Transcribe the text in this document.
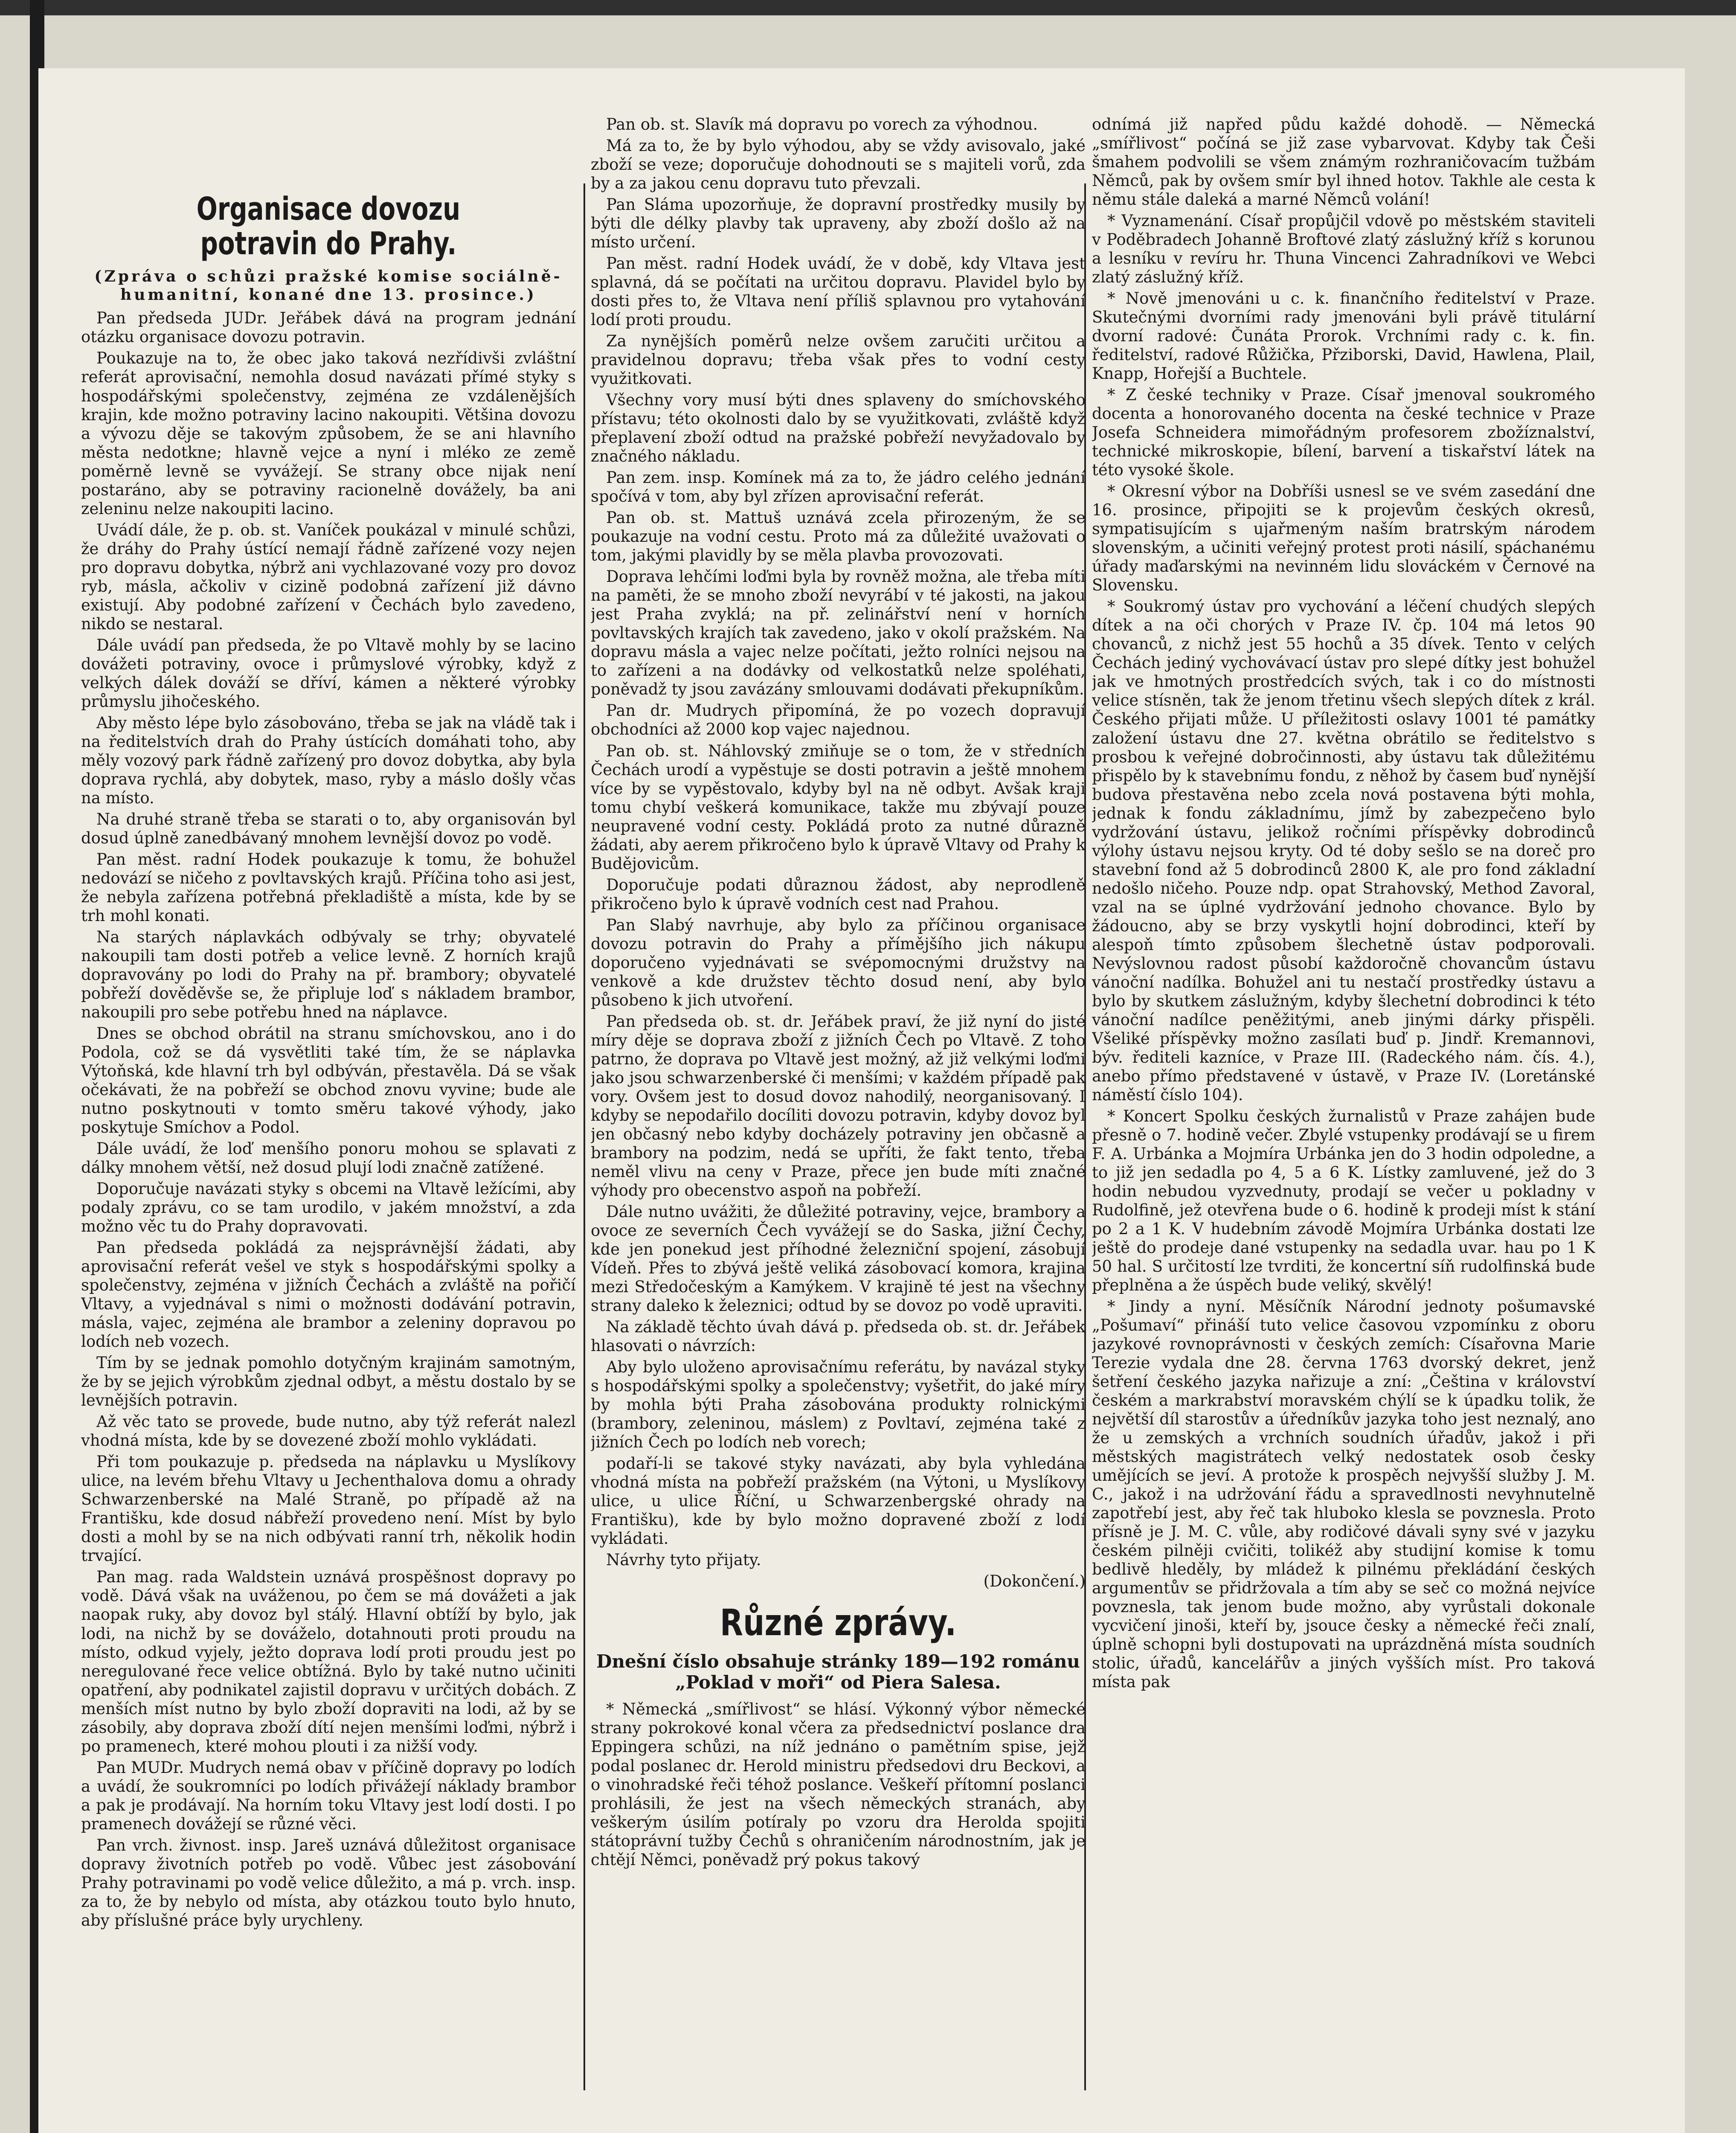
Organisace dovozu potravin do Prahy.
(Zpráva o schůzi pražské komise sociálně-humanitní, konané dne 13. prosince.)

Pan předseda JUDr. Jeřábek dává na program jednání otázku organisace dovozu potravin.

Poukazuje na to, že obec jako taková nezřídivši zvláštní referát aprovisační, nemohla dosud navázati přímé styky s hospodářskými společenstvy, zejména ze vzdálenějších krajin, kde možno potraviny lacino nakoupiti. Většina dovozu a vývozu děje se takovým způsobem, že se ani hlavního města nedotkne; hlavně vejce a nyní i mléko ze země poměrně levně se vyvážejí. Se strany obce nijak není postaráno, aby se potraviny racionelně dovážely, ba ani zeleninu nelze nakoupiti lacino.

Uvádí dále, že p. ob. st. Vaníček poukázal v minulé schůzi, že dráhy do Prahy ústící nemají řádně zařízené vozy nejen pro dopravu dobytka, nýbrž ani vychlazované vozy pro dovoz ryb, másla, ačkoliv v cizině podobná zařízení již dávno existují. Aby podobné zařízení v Čechách bylo zavedeno, nikdo se nestaral.

Dále uvádí pan předseda, že po Vltavě mohly by se lacino dovážeti potraviny, ovoce i průmyslové výrobky, když z velkých dálek dováží se dříví, kámen a některé výrobky průmyslu jihočeského.

Aby město lépe bylo zásobováno, třeba se jak na vládě tak i na ředitelstvích drah do Prahy ústících domáhati toho, aby měly vozový park řádně zařízený pro dovoz dobytka, aby byla doprava rychlá, aby dobytek, maso, ryby a máslo došly včas na místo.

Na druhé straně třeba se starati o to, aby organisován byl dosud úplně zanedbávaný mnohem levnější dovoz po vodě.

Pan měst. radní Hodek poukazuje k tomu, že bohužel nedovází se ničeho z povltavských krajů. Příčina toho asi jest, že nebyla zařízena potřebná překladiště a místa, kde by se trh mohl konati.

Na starých náplavkách odbývaly se trhy; obyvatelé nakoupili tam dosti potřeb a velice levně. Z horních krajů dopravovány po lodi do Prahy na př. brambory; obyvatelé pobřeží dověděvše se, že připluje loď s nákladem brambor, nakoupili pro sebe potřebu hned na náplavce.

Dnes se obchod obrátil na stranu smíchovskou, ano i do Podola, což se dá vysvětliti také tím, že se náplavka Výtoňská, kde hlavní trh byl odbýván, přestavěla. Dá se však očekávati, že na pobřeží se obchod znovu vyvine; bude ale nutno poskytnouti v tomto směru takové výhody, jako poskytuje Smíchov a Podol.

Dále uvádí, že loď menšího ponoru mohou se splavati z dálky mnohem větší, než dosud plují lodi značně zatížené.

Doporučuje navázati styky s obcemi na Vltavě ležícími, aby podaly zprávu, co se tam urodilo, v jakém množství, a zda možno věc tu do Prahy dopravovati.

Pan předseda pokládá za nejsprávnější žádati, aby aprovisační referát vešel ve styk s hospodářskými spolky a společenstvy, zejména v jižních Čechách a zvláště na pořičí Vltavy, a vyjednával s nimi o možnosti dodávání potravin, másla, vajec, zejména ale brambor a zeleniny dopravou po lodích neb vozech.

Tím by se jednak pomohlo dotyčným krajinám samotným, že by se jejich výrobkům zjednal odbyt, a městu dostalo by se levnějších potravin.

Až věc tato se provede, bude nutno, aby týž referát nalezl vhodná místa, kde by se dovezené zboží mohlo vykládati.

Při tom poukazuje p. předseda na náplavku u Myslíkovy ulice, na levém břehu Vltavy u Jechenthalova domu a ohrady Schwarzenberské na Malé Straně, po případě až na Františku, kde dosud nábřeží provedeno není. Míst by bylo dosti a mohl by se na nich odbývati ranní trh, několik hodin trvající.

Pan mag. rada Waldstein uznává prospěšnost dopravy po vodě. Dává však na uváženou, po čem se má dovážeti a jak naopak ruky, aby dovoz byl stálý. Hlavní obtíží by bylo, jak lodi, na nichž by se dováželo, dotahnouti proti proudu na místo, odkud vyjely, ježto doprava lodí proti proudu jest po neregulované řece velice obtížná. Bylo by také nutno učiniti opatření, aby podnikatel zajistil dopravu v určitých dobách. Z menších míst nutno by bylo zboží dopraviti na lodi, až by se zásobily, aby doprava zboží dítí nejen menšími loďmi, nýbrž i po pramenech, které mohou plouti i za nižší vody.

Pan MUDr. Mudrych nemá obav v příčině dopravy po lodích a uvádí, že soukromníci po lodích přivážejí náklady brambor a pak je prodávají. Na horním toku Vltavy jest lodí dosti. I po pramenech dovážejí se různé věci.

Pan vrch. živnost. insp. Jareš uznává důležitost organisace dopravy životních potřeb po vodě. Vůbec jest zásobování Prahy potravinami po vodě velice důležito, a má p. vrch. insp. za to, že by nebylo od místa, aby otázkou touto bylo hnuto, aby příslušné práce byly urychleny.

Pan ob. st. Slavík má dopravu po vorech za výhodnou.

Má za to, že by bylo výhodou, aby se vždy avisovalo, jaké zboží se veze; doporučuje dohodnouti se s majiteli vorů, zda by a za jakou cenu dopravu tuto převzali.

Pan Sláma upozorňuje, že dopravní prostředky musily by býti dle délky plavby tak upraveny, aby zboží došlo až na místo určení.

Pan měst. radní Hodek uvádí, že v době, kdy Vltava jest splavná, dá se počítati na určitou dopravu. Plavidel bylo by dosti přes to, že Vltava není příliš splavnou pro vytahování lodí proti proudu.

Za nynějších poměrů nelze ovšem zaručiti určitou a pravidelnou dopravu; třeba však přes to vodní cesty využitkovati.

Všechny vory musí býti dnes splaveny do smíchovského přístavu; této okolnosti dalo by se využitkovati, zvláště když přeplavení zboží odtud na pražské pobřeží nevyžadovalo by značného nákladu.

Pan zem. insp. Komínek má za to, že jádro celého jednání spočívá v tom, aby byl zřízen aprovisační referát.

Pan ob. st. Mattuš uznává zcela přirozeným, že se poukazuje na vodní cestu. Proto má za důležité uvažovati o tom, jakými plavidly by se měla plavba provozovati.

Doprava lehčími loďmi byla by rovněž možna, ale třeba míti na paměti, že se mnoho zboží nevyrábí v té jakosti, na jakou jest Praha zvyklá; na př. zelinářství není v horních povltavských krajích tak zavedeno, jako v okolí pražském. Na dopravu másla a vajec nelze počítati, ježto rolníci nejsou na to zařízeni a na dodávky od velkostatků nelze spoléhati, poněvadž ty jsou zavázány smlouvami dodávati překupníkům.

Pan dr. Mudrych připomíná, že po vozech dopravují obchodníci až 2000 kop vajec najednou.

Pan ob. st. Náhlovský zmiňuje se o tom, že v středních Čechách urodí a vypěstuje se dosti potravin a ještě mnohem více by se vypěstovalo, kdyby byl na ně odbyt. Avšak kraji tomu chybí veškerá komunikace, takže mu zbývají pouze neupravené vodní cesty. Pokládá proto za nutné důrazně žádati, aby aerem přikročeno bylo k úpravě Vltavy od Prahy k Budějovicům.

Doporučuje podati důraznou žádost, aby neprodleně přikročeno bylo k úpravě vodních cest nad Prahou.

Pan Slabý navrhuje, aby bylo za příčinou organisace dovozu potravin do Prahy a přímějšího jich nákupu doporučeno vyjednávati se svépomocnými družstvy na venkově a kde družstev těchto dosud není, aby bylo působeno k jich utvoření.

Pan předseda ob. st. dr. Jeřábek praví, že již nyní do jisté míry děje se doprava zboží z jižních Čech po Vltavě. Z toho patrno, že doprava po Vltavě jest možný, až již velkými loďmi jako jsou schwarzenberské či menšími; v každém případě pak vory. Ovšem jest to dosud dovoz nahodilý, neorganisovaný. I kdyby se nepodařilo docíliti dovozu potravin, kdyby dovoz byl jen občasný nebo kdyby docházely potraviny jen občasně a brambory na podzim, nedá se upříti, že fakt tento, třeba neměl vlivu na ceny v Praze, přece jen bude míti značné výhody pro obecenstvo aspoň na pobřeží.

Dále nutno uvážiti, že důležité potraviny, vejce, brambory a ovoce ze severních Čech vyvážejí se do Saska, jižní Čechy, kde jen ponekud jest příhodné železniční spojení, zásobují Vídeň. Přes to zbývá ještě veliká zásobovací komora, krajina mezi Středočeským a Kamýkem. V krajině té jest na všechny strany daleko k železnici; odtud by se dovoz po vodě upraviti.

Na základě těchto úvah dává p. předseda ob. st. dr. Jeřábek hlasovati o návrzích:

Aby bylo uloženo aprovisačnímu referátu, by navázal styky s hospodářskými spolky a společenstvy; vyšetřit, do jaké míry by mohla býti Praha zásobována produkty rolnickými (brambory, zeleninou, máslem) z Povltaví, zejména také z jižních Čech po lodích neb vorech;

podaří-li se takové styky navázati, aby byla vyhledána vhodná místa na pobřeží pražském (na Výtoni, u Myslíkovy ulice, u ulice Říční, u Schwarzenbergské ohrady na Františku), kde by bylo možno dopravené zboží z lodí vykládati.

Návrhy tyto přijaty.

(Dokončení.)

Různé zprávy.
Dnešní číslo obsahuje stránky 189—192 románu „Poklad v moři“ od Piera Salesa.

* Německá „smířlivost“ se hlásí. Výkonný výbor německé strany pokrokové konal včera za předsednictví poslance dra Eppingera schůzi, na níž jednáno o pamětním spise, jejž podal poslanec dr. Herold ministru předsedovi dru Beckovi, a o vinohradské řeči téhož poslance. Veškeří přítomní poslanci prohlásili, že jest na všech německých stranách, aby veškerým úsilím potíraly po vzoru dra Herolda spojiti státoprávní tužby Čechů s ohraničením národnostním, jak je chtějí Němci, poněvadž prý pokus takový

odnímá již napřed půdu každé dohodě. — Německá „smířlivost“ počíná se již zase vybarvovat. Kdyby tak Češi šmahem podvolili se všem známým rozhraničovacím tužbám Němců, pak by ovšem smír byl ihned hotov. Takhle ale cesta k němu stále daleká a marné Němců volání!

* Vyznamenání. Císař propůjčil vdově po městském staviteli v Poděbradech Johanně Broftové zlatý záslužný kříž s korunou a lesníku v revíru hr. Thuna Vincenci Zahradníkovi ve Webci zlatý záslužný kříž.

* Nově jmenováni u c. k. finančního ředitelství v Praze. Skutečnými dvorními rady jmenováni byli právě titulární dvorní radové: Čunáta Prorok. Vrchními rady c. k. fin. ředitelství, radové Růžička, Přziborski, David, Hawlena, Plail, Knapp, Hořejší a Buchtele.

* Z české techniky v Praze. Císař jmenoval soukromého docenta a honorovaného docenta na české technice v Praze Josefa Schneidera mimořádným profesorem zbožíznalství, technické mikroskopie, bílení, barvení a tiskařství látek na této vysoké škole.

* Okresní výbor na Dobříši usnesl se ve svém zasedání dne 16. prosince, připojiti se k projevům českých okresů, sympatisujícím s ujařmeným naším bratrským národem slovenským, a učiniti veřejný protest proti násilí, spáchanému úřady maďarskými na nevinném lidu slováckém v Černové na Slovensku.

* Soukromý ústav pro vychování a léčení chudých slepých dítek a na oči chorých v Praze IV. čp. 104 má letos 90 chovanců, z nichž jest 55 hochů a 35 dívek. Tento v celých Čechách jediný vychovávací ústav pro slepé dítky jest bohužel jak ve hmotných prostředcích svých, tak i co do místnosti velice stísněn, tak že jenom třetinu všech slepých dítek z král. Českého přijati může. U příležitosti oslavy 1001 té památky založení ústavu dne 27. května obrátilo se ředitelstvo s prosbou k veřejné dobročinnosti, aby ústavu tak důležitému přispělo by k stavebnímu fondu, z něhož by časem buď nynější budova přestavěna nebo zcela nová postavena býti mohla, jednak k fondu základnímu, jímž by zabezpečeno bylo vydržování ústavu, jelikož ročními příspěvky dobrodinců výlohy ústavu nejsou kryty. Od té doby sešlo se na doreč pro stavební fond až 5 dobrodinců 2800 K, ale pro fond základní nedošlo ničeho. Pouze ndp. opat Strahovský, Method Zavoral, vzal na se úplné vydržování jednoho chovance. Bylo by žádoucno, aby se brzy vyskytli hojní dobrodinci, kteří by alespoň tímto způsobem šlechetně ústav podporovali. Nevýslovnou radost působí každoročně chovancům ústavu vánoční nadílka. Bohužel ani tu nestačí prostředky ústavu a bylo by skutkem záslužným, kdyby šlechetní dobrodinci k této vánoční nadílce peněžitými, aneb jinými dárky přispěli. Všeliké příspěvky možno zasílati buď p. Jindř. Kremannovi, býv. řediteli kazníce, v Praze III. (Radeckého nám. čís. 4.), anebo přímo představené v ústavě, v Praze IV. (Loretánské náměstí číslo 104).

* Koncert Spolku českých žurnalistů v Praze zahájen bude přesně o 7. hodině večer. Zbylé vstupenky prodávají se u firem F. A. Urbánka a Mojmíra Urbánka jen do 3 hodin odpoledne, a to již jen sedadla po 4, 5 a 6 K. Lístky zamluvené, jež do 3 hodin nebudou vyzvednuty, prodají se večer u pokladny v Rudolfině, jež otevřena bude o 6. hodině k prodeji míst k stání po 2 a 1 K. V hudebním závodě Mojmíra Urbánka dostati lze ještě do prodeje dané vstupenky na sedadla uvar. hau po 1 K 50 hal. S určitostí lze tvrditi, že koncertní síň rudolfinská bude přeplněna a že úspěch bude veliký, skvělý!

* Jindy a nyní. Měsíčník Národní jednoty pošumavské „Pošumaví“ přináší tuto velice časovou vzpomínku z oboru jazykové rovnoprávnosti v českých zemích: Císařovna Marie Terezie vydala dne 28. června 1763 dvorský dekret, jenž šetření českého jazyka nařizuje a zní: „Čeština v království českém a markrabství moravském chýlí se k úpadku tolik, že největší díl starostův a úředníkův jazyka toho jest neznalý, ano že u zemských a vrchních soudních úřadův, jakož i při městských magistrátech velký nedostatek osob česky umějících se jeví. A protože k prospěch nejvyšší služby J. M. C., jakož i na udržování řádu a spravedlnosti nevyhnutelně zapotřebí jest, aby řeč tak hluboko klesla se povznesla. Proto přísně je J. M. C. vůle, aby rodičové dávali syny své v jazyku českém pilněji cvičiti, tolikéž aby studijní komise k tomu bedlivě hleděly, by mládež k pilnému překládání českých argumentův se přidržovala a tím aby se seč co možná nejvíce povznesla, tak jenom bude možno, aby vyrůstali dokonale vycvičení jinoši, kteří by, jsouce česky a německé řeči znalí, úplně schopni byli dostupovati na uprázdněná místa soudních stolic, úřadů, kancelářův a jiných vyšších míst. Pro taková místa pak
